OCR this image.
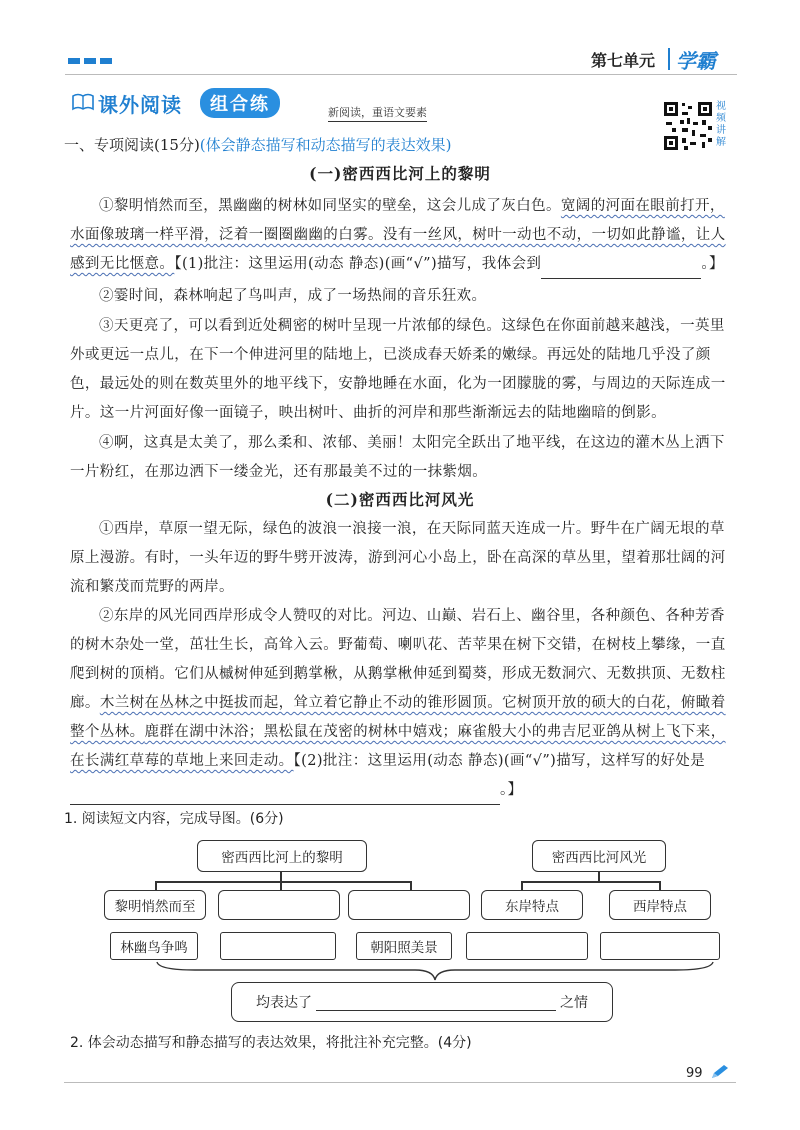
第七单元 学霸
课外阅读	组合练	新阅读，重语文要素	视频讲解
一、专项阅读(15分)(体会静态描写和动态描写的表达效果)
(一)密西西比河上的黎明
①黎明悄然而至，黑幽幽的树林如同坚实的壁垒，这会儿成了灰白色。宽阔的河面在眼前打开，水面像玻璃一样平滑，泛着一圈圈幽幽的白雾。没有一丝风，树叶一动也不动，一切如此静谧，让人感到无比惬意。【(1)批注：这里运用(动态 静态)(画“√”)描写，我体会到	。】
②霎时间，森林响起了鸟叫声，成了一场热闹的音乐狂欢。
③天更亮了，可以看到近处稠密的树叶呈现一片浓郁的绿色。这绿色在你面前越来越浅，一英里外或更远一点儿，在下一个伸进河里的陆地上，已淡成春天娇柔的嫩绿。再远处的陆地几乎没了颜色，最远处的则在数英里外的地平线下，安静地睡在水面，化为一团朦胧的雾，与周边的天际连成一片。这一片河面好像一面镜子，映出树叶、曲折的河岸和那些渐渐远去的陆地幽暗的倒影。
④啊，这真是太美了，那么柔和、浓郁、美丽！太阳完全跃出了地平线，在这边的灌木丛上洒下一片粉红，在那边洒下一缕金光，还有那最美不过的一抹紫烟。
(二)密西西比河风光
①西岸，草原一望无际，绿色的波浪一浪接一浪，在天际同蓝天连成一片。野牛在广阔无垠的草原上漫游。有时，一头年迈的野牛劈开波涛，游到河心小岛上，卧在高深的草丛里，望着那壮阔的河流和繁茂而荒野的两岸。
②东岸的风光同西岸形成令人赞叹的对比。河边、山巅、岩石上、幽谷里，各种颜色、各种芳香的树木杂处一堂，茁壮生长，高耸入云。野葡萄、喇叭花、苦苹果在树下交错，在树枝上攀缘，一直爬到树的顶梢。它们从槭树伸延到鹅掌楸，从鹅掌楸伸延到蜀葵，形成无数洞穴、无数拱顶、无数柱廊。木兰树在丛林之中挺拔而起，耸立着它静止不动的锥形圆顶。它树顶开放的硕大的白花，俯瞰着整个丛林。鹿群在湖中沐浴；黑松鼠在茂密的树林中嬉戏；麻雀般大小的弗吉尼亚鸽从树上飞下来，在长满红草莓的草地上来回走动。【(2)批注：这里运用(动态 静态)(画“√”)描写，这样写的好处是。】
1. 阅读短文内容，完成导图。(6分)
密西西比河上的黎明	密西西比河风光
黎明悄然而至	东岸特点	西岸特点
林幽鸟争鸣	朝阳照美景
均表达了	之情
2. 体会动态描写和静态描写的表达效果，将批注补充完整。(4分)
99
